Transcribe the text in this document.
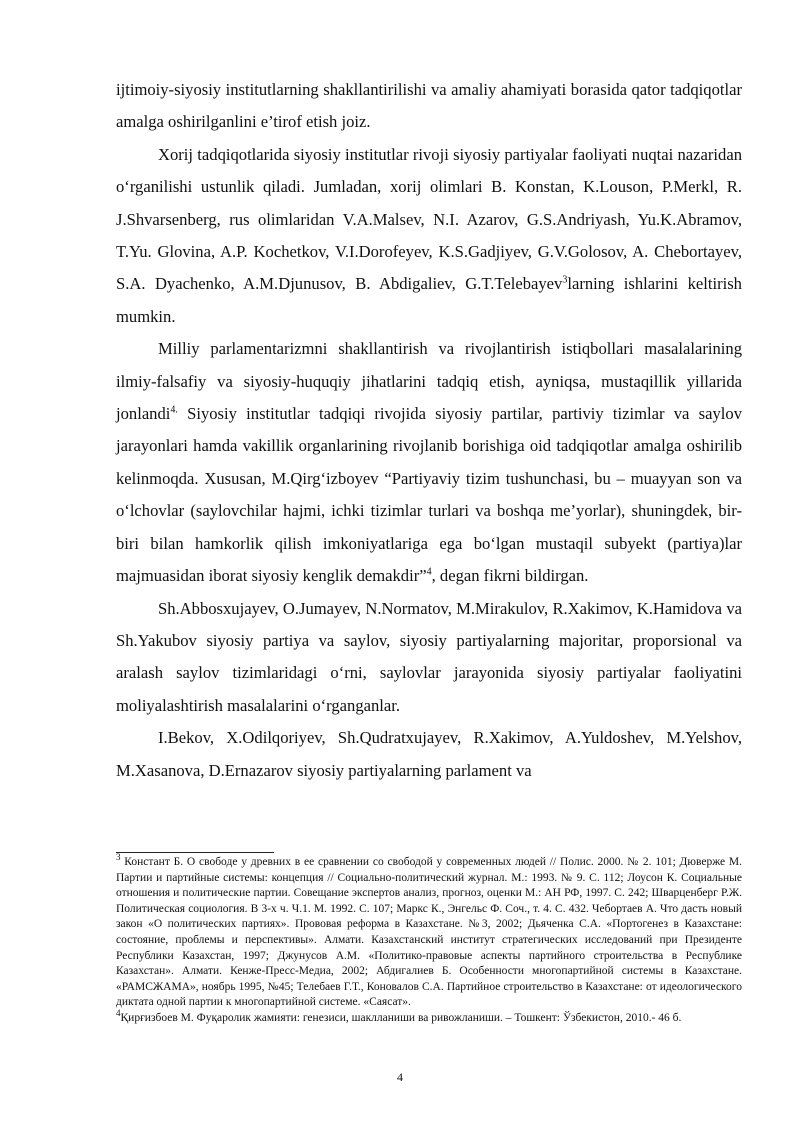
ijtimoiy-siyosiy institutlarning shakllantirilishi va amaliy ahamiyati borasida qator tadqiqotlar amalga oshirilganlini e’tirof etish joiz.

Xorij tadqiqotlarida siyosiy institutlar rivoji siyosiy partiyalar faoliyati nuqtai nazaridan o‘rganilishi ustunlik qiladi. Jumladan, xorij olimlari B. Konstan, K.Louson, P.Merkl, R. J.Shvarsenberg, rus olimlaridan V.A.Malsev, N.I. Azarov, G.S.Andriyash, Yu.K.Abramov, T.Yu. Glovina, A.P. Kochetkov, V.I.Dorofeyev, K.S.Gadjiyev, G.V.Golosov, A. Chebortayev, S.A. Dyachenko, A.M.Djunusov, B. Abdigaliev, G.T.Telebayev$^3$larning ishlarini keltirish mumkin.

Milliy parlamentarizmni shakllantirish va rivojlantirish istiqbollari masalalarining ilmiy-falsafiy va siyosiy-huquqiy jihatlarini tadqiq etish, ayniqsa, mustaqillik yillarida jonlandi$^{4.}$ Siyosiy institutlar tadqiqi rivojida siyosiy partilar, partiviy tizimlar va saylov jarayonlari hamda vakillik organlarining rivojlanib borishiga oid tadqiqotlar amalga oshirilib kelinmoqda. Xususan, M.Qirg‘izboyev “Partiyaviy tizim tushunchasi, bu – muayyan son va o‘lchovlar (saylovchilar hajmi, ichki tizimlar turlari va boshqa me’yorlar), shuningdek, bir-biri bilan hamkorlik qilish imkoniyatlariga ega bo‘lgan mustaqil subyekt (partiya)lar majmuasidan iborat siyosiy kenglik demakdir”$^4$, degan fikrni bildirgan.

Sh.Abbosxujayev, O.Jumayev, N.Normatov, M.Mirakulov, R.Xakimov, K.Hamidova va Sh.Yakubov siyosiy partiya va saylov, siyosiy partiyalarning majoritar, proporsional va aralash saylov tizimlaridagi o‘rni, saylovlar jarayonida siyosiy partiyalar faoliyatini moliyalashtirish masalalarini o‘rganganlar.

I.Bekov, X.Odilqoriyev, Sh.Qudratxujayev, R.Xakimov, A.Yuldoshev, M.Yelshov, M.Xasanova, D.Ernazarov siyosiy partiyalarning parlament va

$^3$ Констант Б. О свободе у древних в ее сравнении со свободой у современных людей // Полис. 2000. № 2. 101; Дюверже М. Партии и партийные системы: концепция // Социально-политический журнал. М.: 1993. № 9. С. 112; Лоусон К. Социальные отношения и политические партии. Совещание экспертов анализ, прогноз, оценки М.: АН РФ, 1997. С. 242; Шварценберг Р.Ж. Политическая социология. В 3-х ч. Ч.1. М. 1992. С. 107; Маркс К., Энгельс Ф. Соч., т. 4. С. 432. Чебортаев А. Что дасть новый закон «О политических партиях». Прововая реформа в Казахстане. №3, 2002; Дьяченка С.А. «Портогенез в Казахстане: состояние, проблемы и перспективы». Алмати. Казахстанский институт стратегических исследований при Президенте Республики Казахстан, 1997; Джунусов А.М. «Политико-правовые аспекты партийного строительства в Республике Казахстан». Алмати. Кенже-Пресс-Медиа, 2002; Абдигалиев Б. Особенности многопартийной системы в Казахстане. «РАМСЖАМА», ноябрь 1995, №45; Телебаев Г.Т., Коновалов С.А. Партийное строительство в Казахстане: от идеологического диктата одной партии к многопартийной системе. «Саясат».

$^4$Қирғизбоев М. Фуқаролик жамияти: генезиси, шаклланиши ва ривожланиши. – Тошкент: Ўзбекистон, 2010.- 46 б.

4
